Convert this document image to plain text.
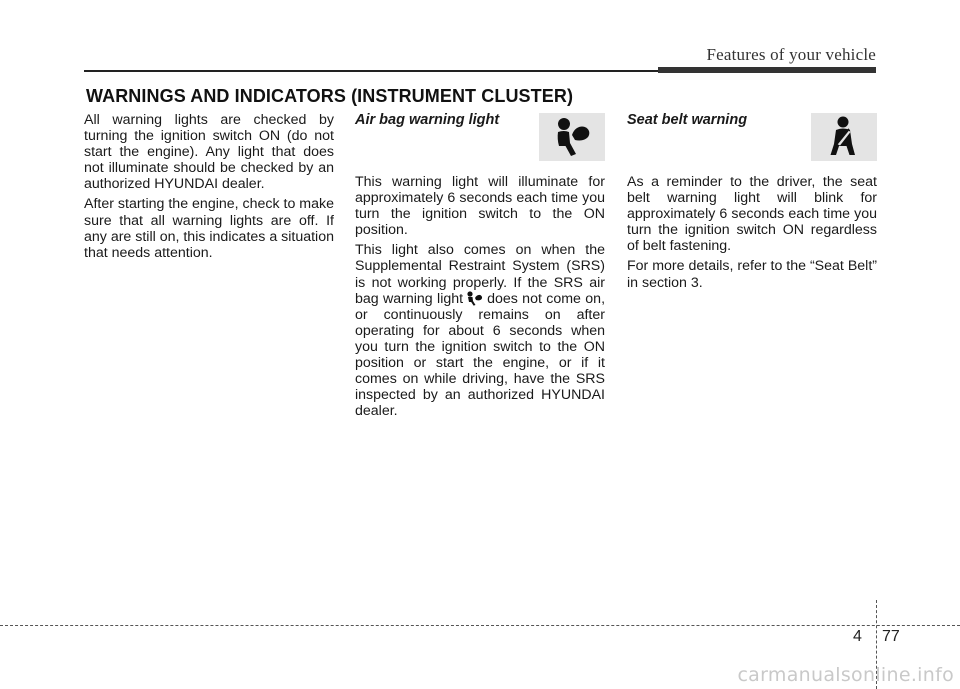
Features of your vehicle
WARNINGS AND INDICATORS (INSTRUMENT CLUSTER)

All warning lights are checked by turning the ignition switch ON (do not start the engine). Any light that does not illuminate should be checked by an authorized HYUNDAI dealer.

After starting the engine, check to make sure that all warning lights are off. If any are still on, this indicates a situation that needs attention.

Air bag warning light

This warning light will illuminate for approximately 6 seconds each time you turn the ignition switch to the ON position.

This light also comes on when the Supplemental Restraint System (SRS) is not working properly. If the SRS air bag warning light does not come on, or continuously remains on after operating for about 6 seconds when you turn the ignition switch to the ON position or start the engine, or if it comes on while driving, have the SRS inspected by an authorized HYUNDAI dealer.

Seat belt warning

As a reminder to the driver, the seat belt warning light will blink for approximately 6 seconds each time you turn the ignition switch ON regardless of belt fastening.

For more details, refer to the “Seat Belt” in section 3.

4 77
carmanualsonline.info
